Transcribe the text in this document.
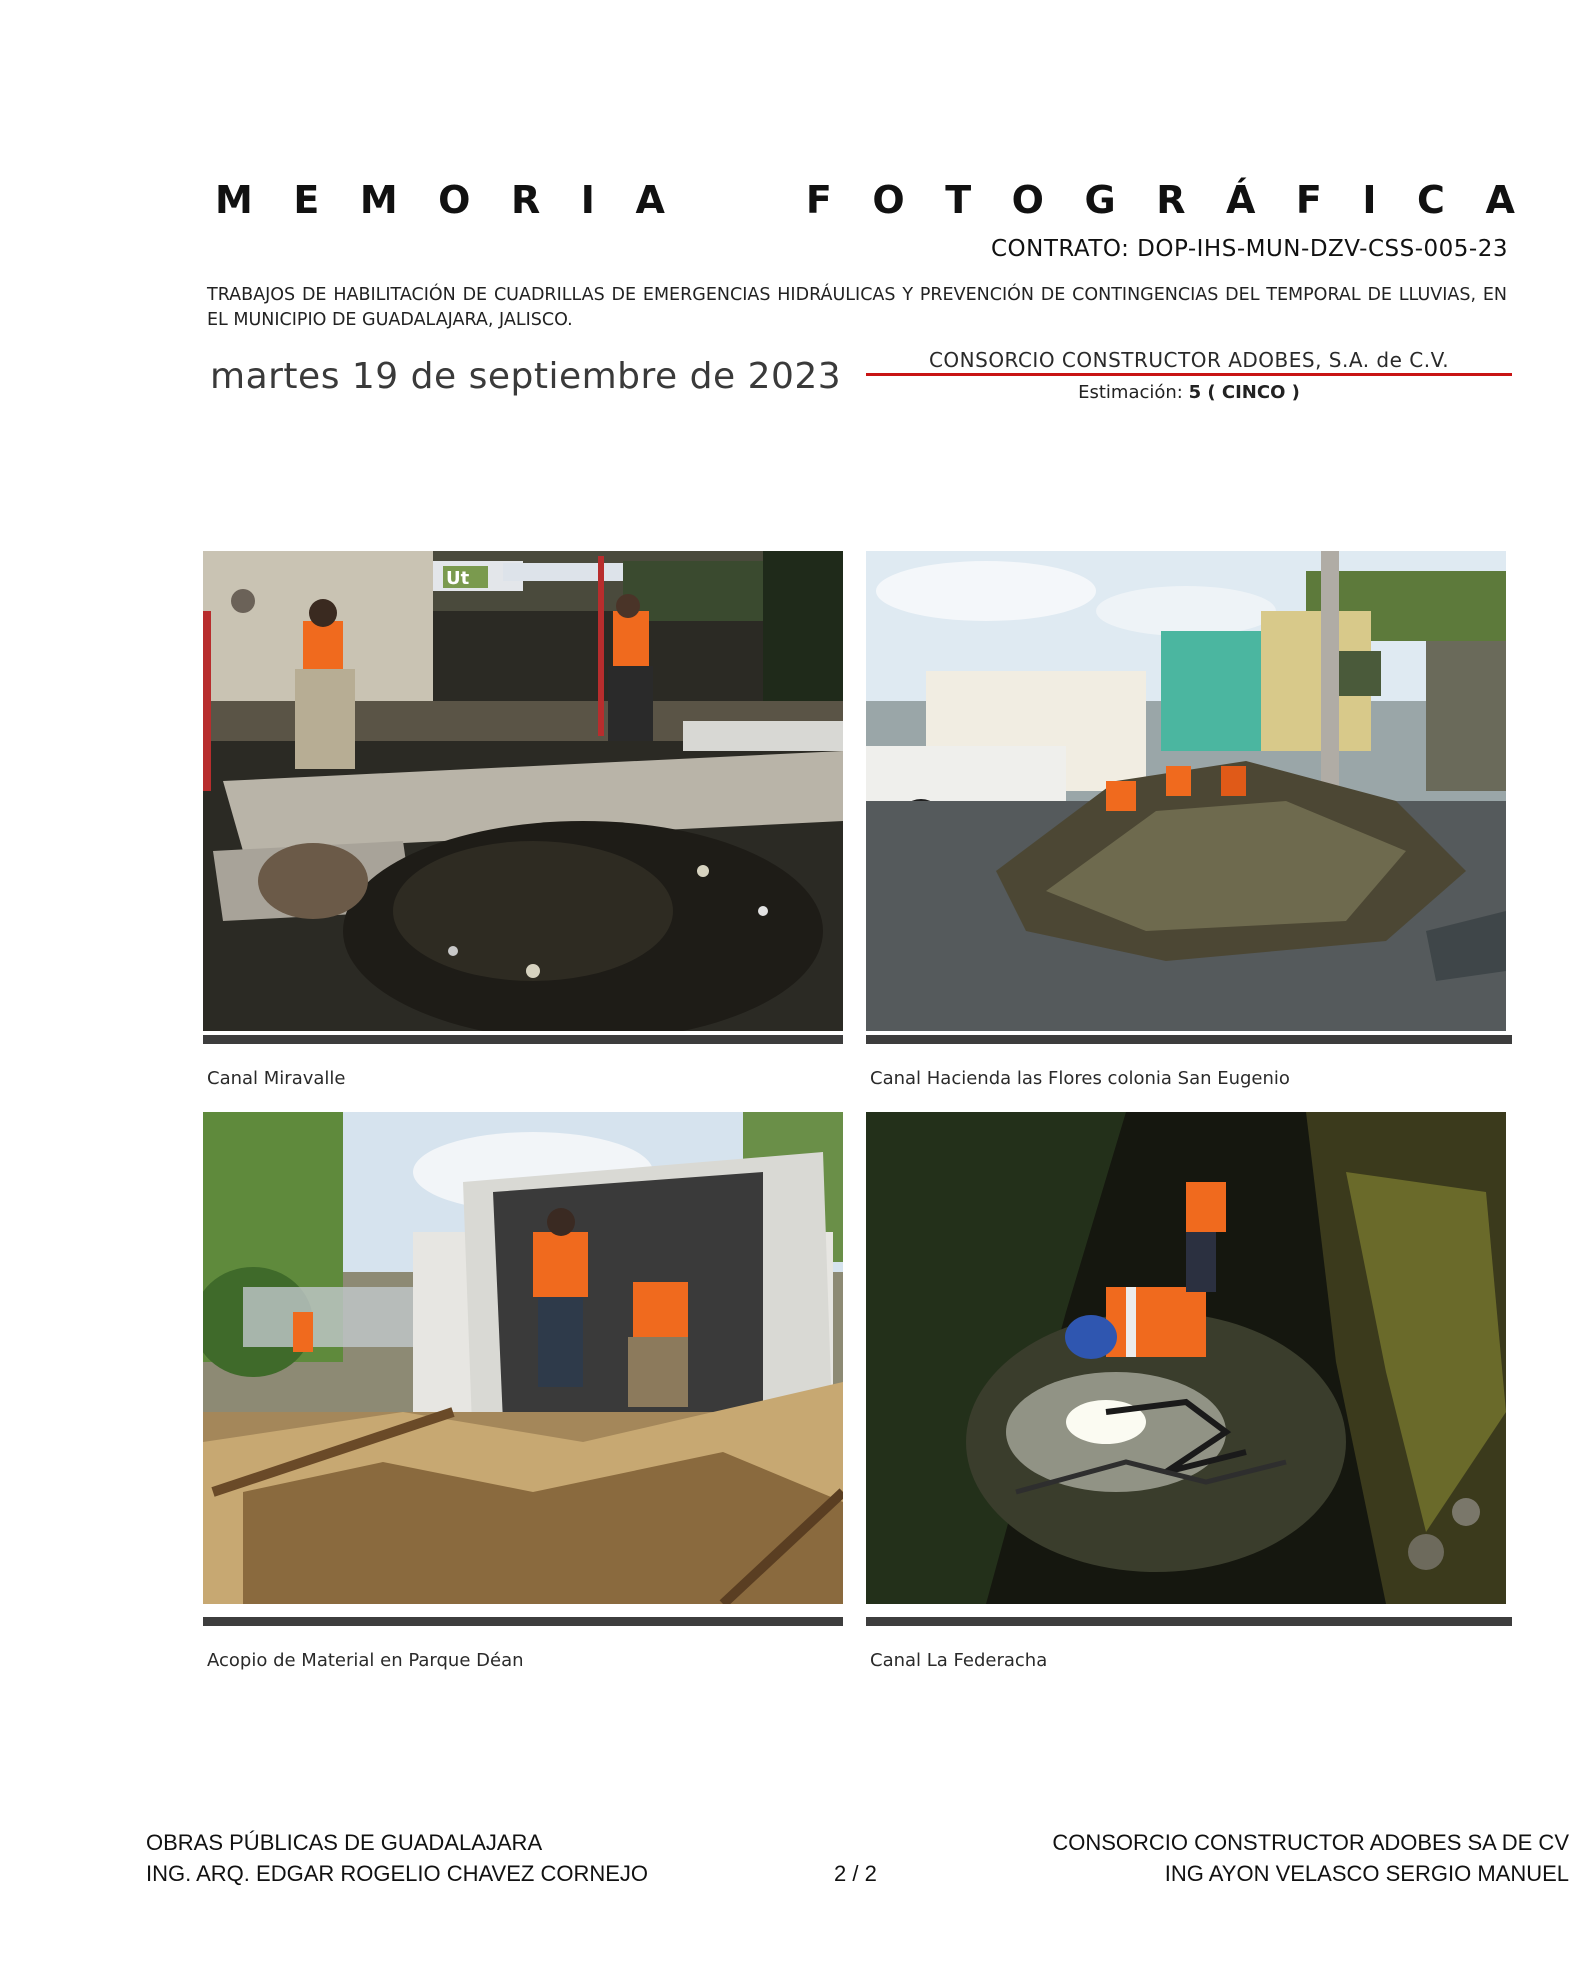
M E M O R I A	F O T O G R Á F I C A
CONTRATO: DOP-IHS-MUN-DZV-CSS-005-23
TRABAJOS DE HABILITACIÓN DE CUADRILLAS DE EMERGENCIAS HIDRÁULICAS Y PREVENCIÓN DE CONTINGENCIAS DEL TEMPORAL DE LLUVIAS, EN EL MUNICIPIO DE GUADALAJARA, JALISCO.
martes 19 de septiembre de 2023	CONSORCIO CONSTRUCTOR ADOBES, S.A. de C.V.
Estimación: 5 ( CINCO )
Ut
Canal Miravalle	Canal Hacienda las Flores colonia San Eugenio
Acopio de Material en Parque Déan	Canal La Federacha
OBRAS PÚBLICAS DE GUADALAJARA
ING. ARQ. EDGAR ROGELIO CHAVEZ CORNEJO	2 / 2
CONSORCIO CONSTRUCTOR ADOBES SA DE CV
ING AYON VELASCO SERGIO MANUEL
